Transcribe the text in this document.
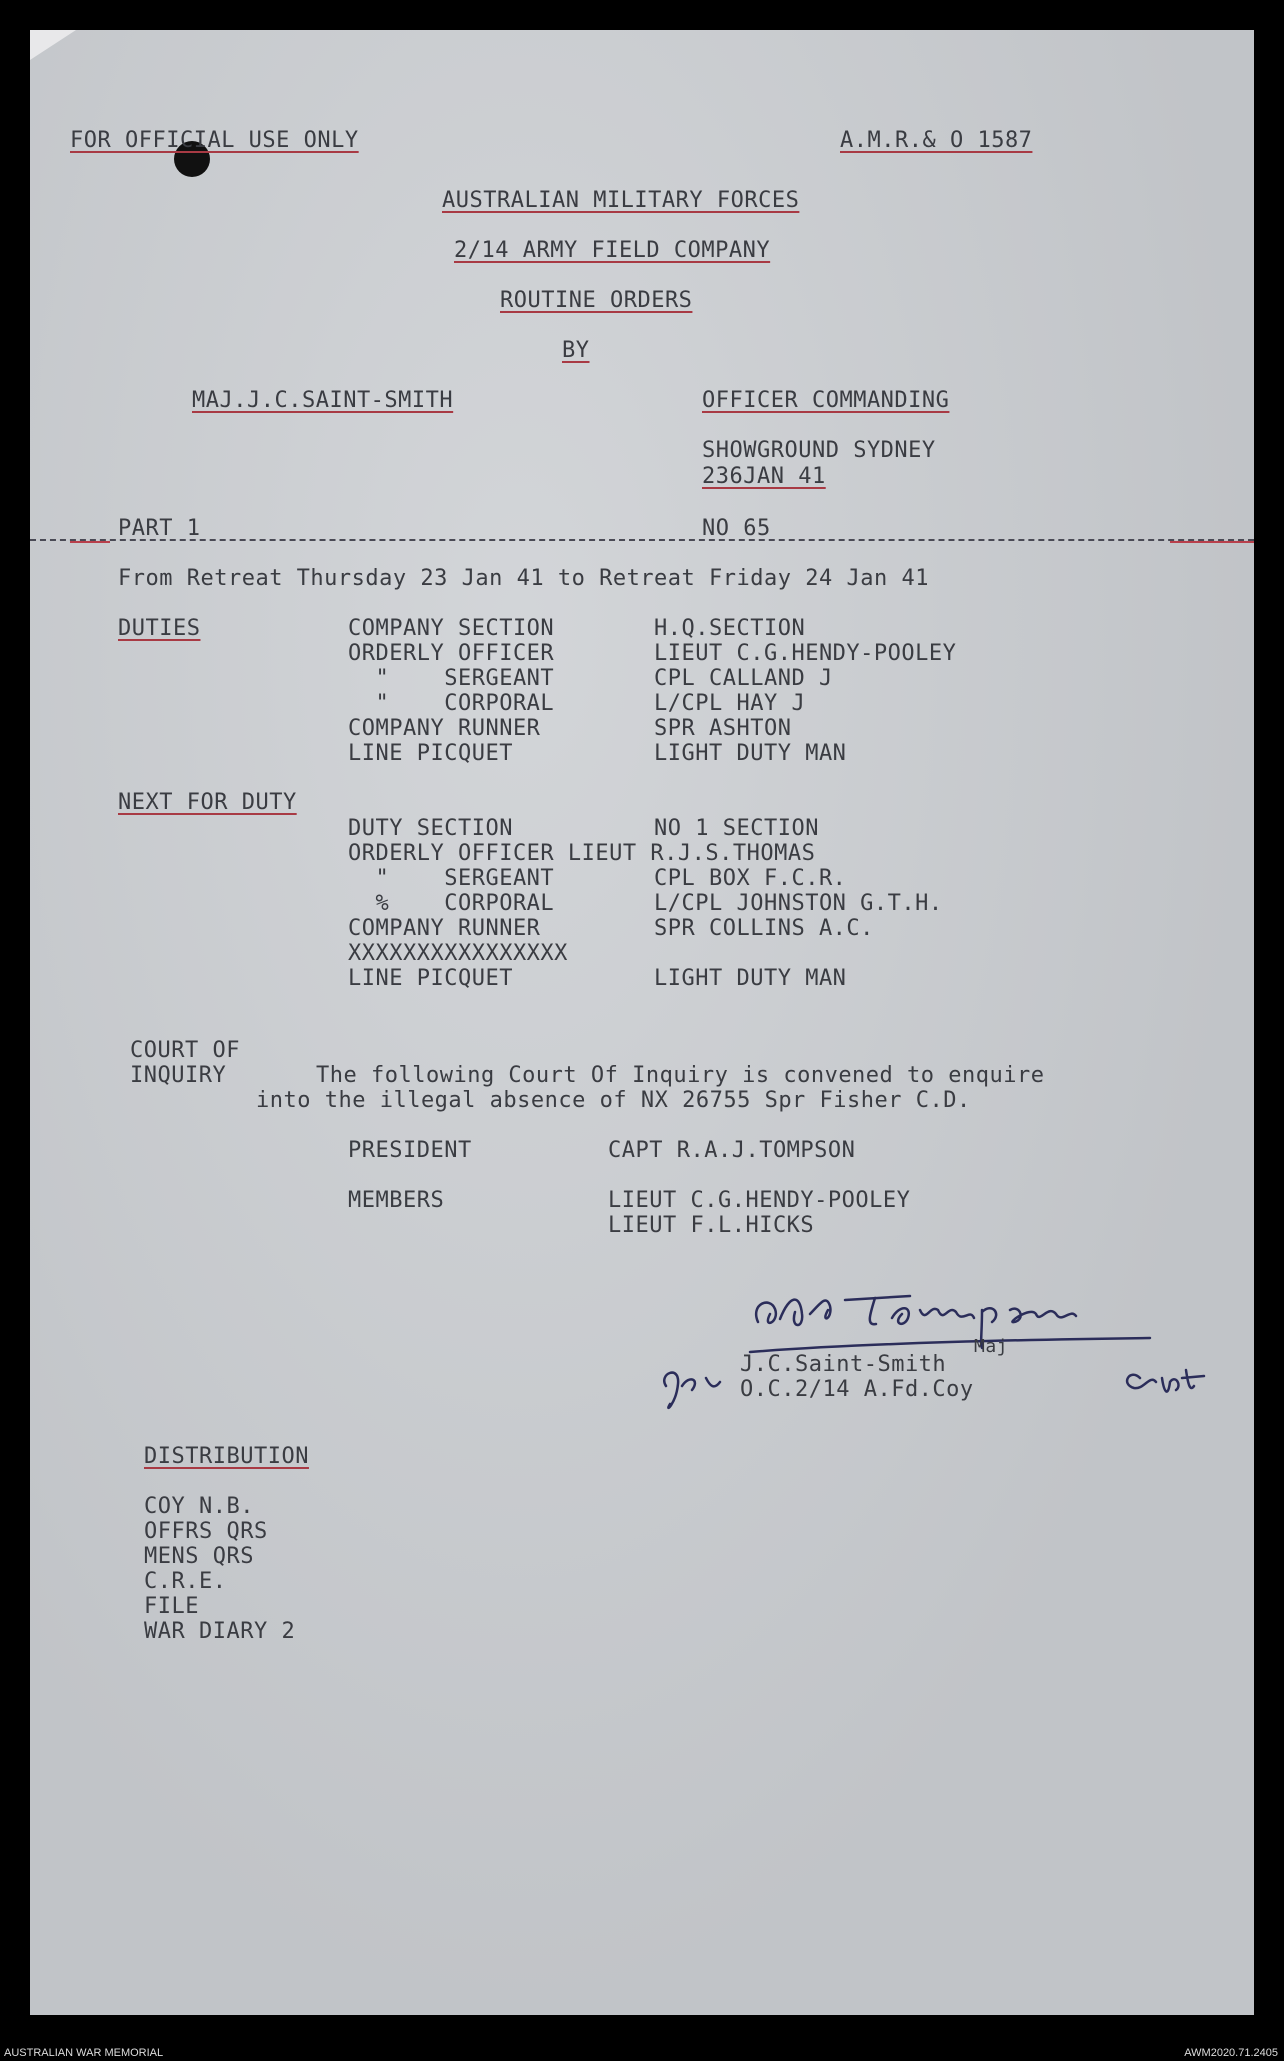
FOR OFFICIAL USE ONLY	A.M.R.& O 1587
AUSTRALIAN MILITARY FORCES
2/14 ARMY FIELD COMPANY
ROUTINE ORDERS
BY
MAJ.J.C.SAINT-SMITH	OFFICER COMMANDING
SHOWGROUND SYDNEY
236JAN 41
PART 1	NO 65
From Retreat Thursday 23 Jan 41 to Retreat Friday 24 Jan 41
DUTIES	COMPANY SECTION	H.Q.SECTION
ORDERLY OFFICER	LIEUT C.G.HENDY-POOLEY
"    SERGEANT	CPL CALLAND J
"    CORPORAL	L/CPL HAY J
COMPANY RUNNER	SPR ASHTON
LINE PICQUET	LIGHT DUTY MAN
NEXT FOR DUTY
DUTY SECTION	NO 1 SECTION
ORDERLY OFFICER LIEUT R.J.S.THOMAS
"    SERGEANT	CPL BOX F.C.R.
%    CORPORAL	L/CPL JOHNSTON G.T.H.
COMPANY RUNNER	SPR COLLINS A.C.
XXXXXXXXXXXXXXXX
LINE PICQUET	LIGHT DUTY MAN
COURT OF
INQUIRY	The following Court Of Inquiry is convened to enquire
into the illegal absence of NX 26755 Spr Fisher C.D.
PRESIDENT	CAPT R.A.J.TOMPSON
MEMBERS	LIEUT C.G.HENDY-POOLEY
LIEUT F.L.HICKS
Maj
J.C.Saint-Smith
O.C.2/14 A.Fd.Coy
DISTRIBUTION
COY N.B.
OFFRS QRS
MENS QRS
C.R.E.
FILE
WAR DIARY 2
AUSTRALIAN WAR MEMORIAL	AWM2020.71.2405
